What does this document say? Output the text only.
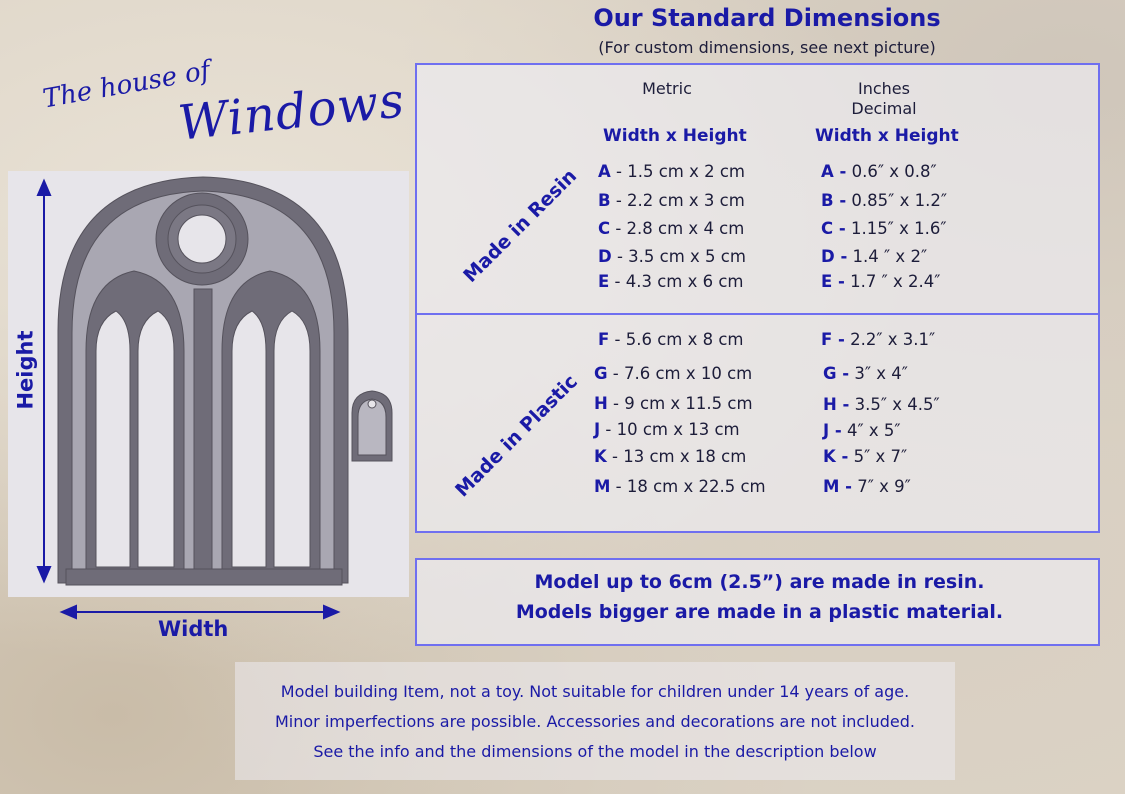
The house of
Windows
Our Standard Dimensions
(For custom dimensions, see next picture)
Height
Width
Metric	Inches
Decimal
Width x Height	Width x Height
Made in Resin A - 1.5 cm x 2 cm
B - 2.2 cm x 3 cm
C - 2.8 cm x 4 cm
D - 3.5 cm x 5 cm
E - 4.3 cm x 6 cm
A - 0.6″ x 0.8″
B - 0.85″ x 1.2″
C - 1.15″ x 1.6″
D - 1.4 ″ x 2″
E - 1.7 ″ x 2.4″
Made in Plastic
F - 5.6 cm x 8 cm
G - 7.6 cm x 10 cm
H - 9 cm x 11.5 cm
J - 10 cm x 13 cm
K - 13 cm x 18 cm
M - 18 cm x 22.5 cm
F - 2.2″ x 3.1″
G - 3″ x 4″
H - 3.5″ x 4.5″
J - 4″ x 5″
K - 5″ x 7″
M - 7″ x 9″
Model up to 6cm (2.5”) are made in resin.
Models bigger are made in a plastic material.
Model building Item, not a toy. Not suitable for children under 14 years of age.
Minor imperfections are possible. Accessories and decorations are not included.
See the info and the dimensions of the model in the description below
